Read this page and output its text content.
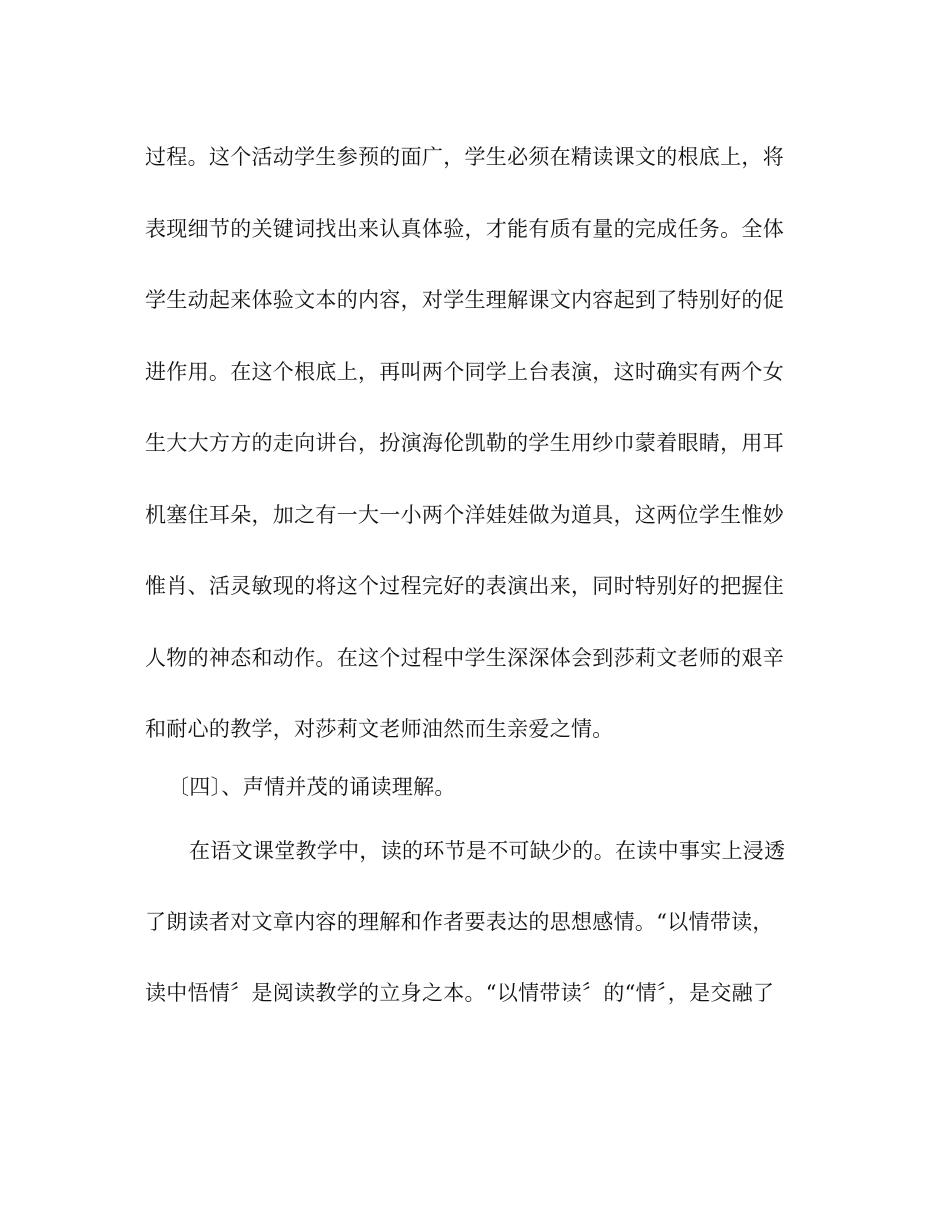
过程。这个活动学生参预的面广，学生必须在精读课文的根底上，将
表现细节的关键词找出来认真体验，才能有质有量的完成任务。全体
学生动起来体验文本的内容，对学生理解课文内容起到了特别好的促
进作用。在这个根底上，再叫两个同学上台表演，这时确实有两个女
生大大方方的走向讲台，扮演海伦凯勒的学生用纱巾蒙着眼睛，用耳
机塞住耳朵，加之有一大一小两个洋娃娃做为道具，这两位学生惟妙
惟肖、活灵敏现的将这个过程完好的表演出来，同时特别好的把握住
人物的神态和动作。在这个过程中学生深深体会到莎莉文老师的艰辛
和耐心的教学，对莎莉文老师油然而生亲爱之情。
〔四〕、声情并茂的诵读理解。
在语文课堂教学中，读的环节是不可缺少的。在读中事实上浸透
了朗读者对文章内容的理解和作者要表达的思想感情。“以情带读，
读中悟情〞是阅读教学的立身之本。“以情带读〞的“情〞，是交融了
